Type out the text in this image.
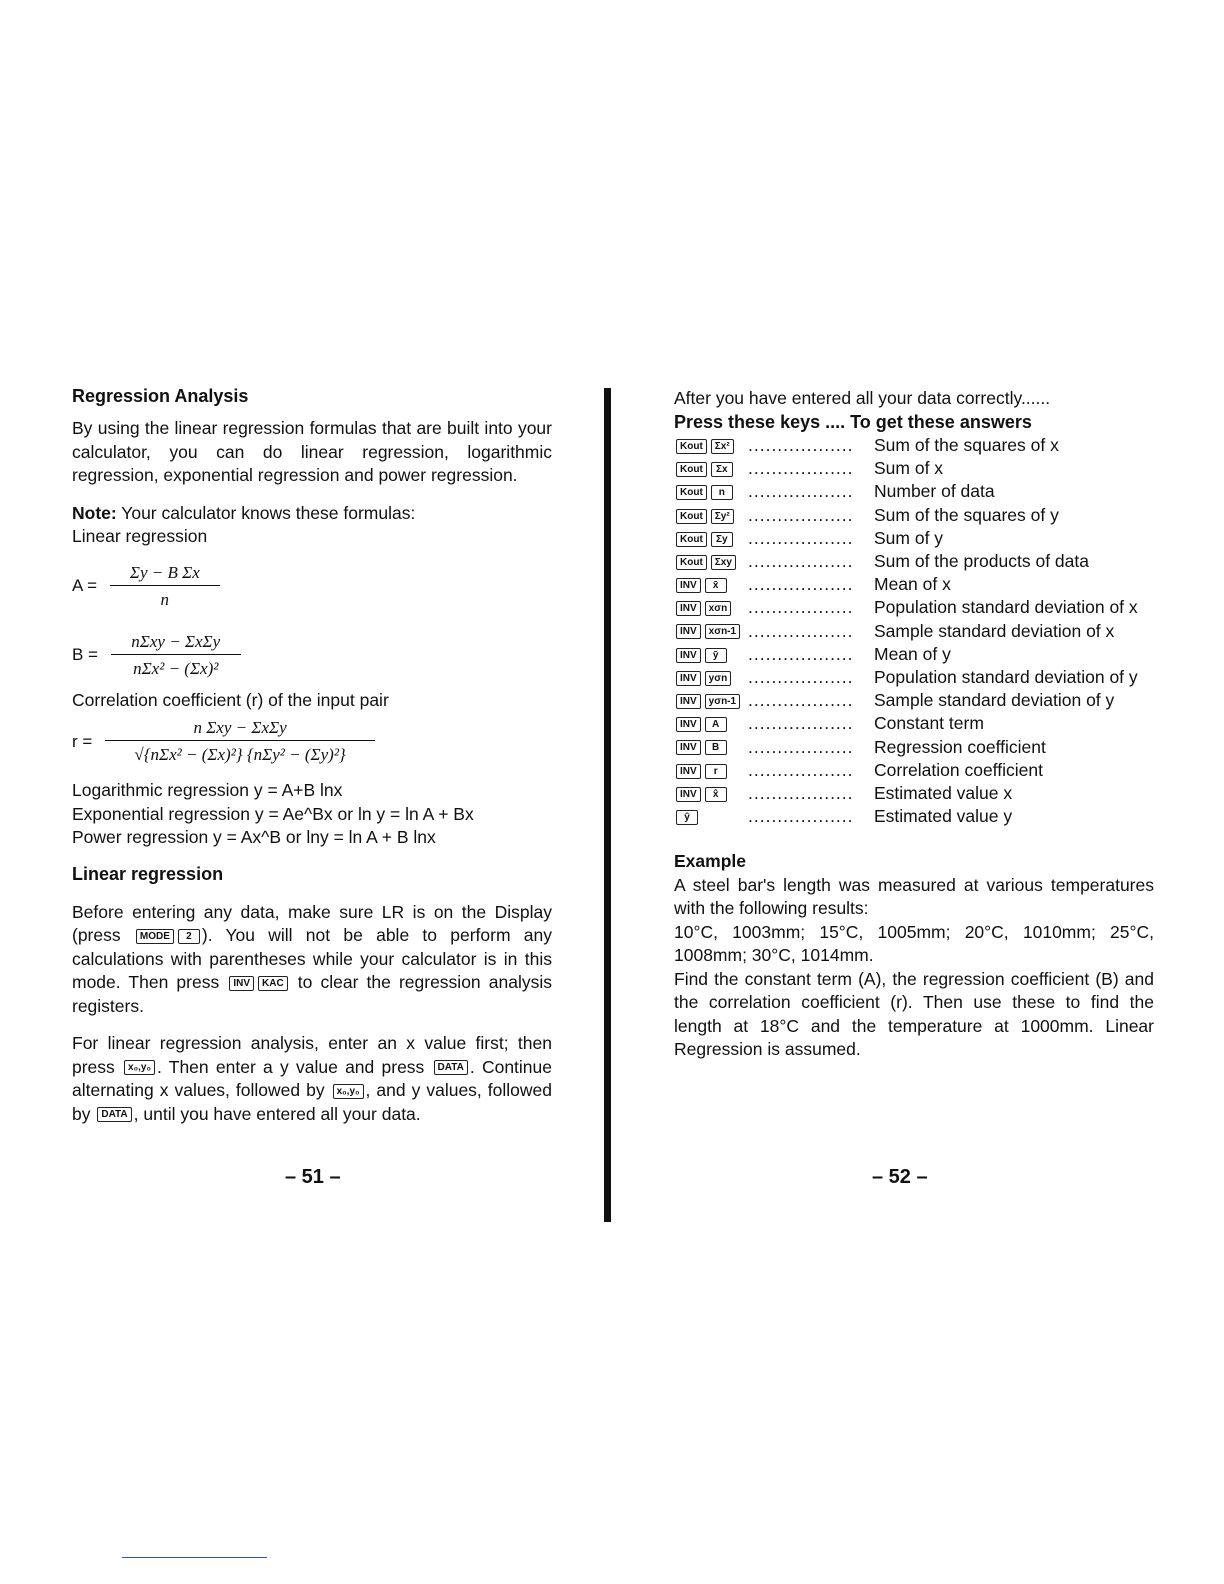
Regression Analysis

By using the linear regression formulas that are built into your calculator, you can do linear regression, logarithmic regression, exponential regression and power regression.

Note: Your calculator knows these formulas:
Linear regression
$A = \frac{\text{Σy − B Σx}}{n}$
$B = \frac{\text{nΣxy − ΣxΣy}}{\text{nΣx² − (Σx)²}}$
Correlation coefficient (r) of the input pair
$r = \frac{\text{n Σxy − ΣxΣy}}{\text{√\{nΣx² − (Σx)²\} \{nΣy² − (Σy)²\}}}$
Logarithmic regression y = A+B lnx
Exponential regression y = Ae^Bx or ln y = ln A + Bx
Power regression y = Ax^B or lny = ln A + B lnx
Linear regression

Before entering any data, make sure LR is on the Display (press MODE 2 ). You will not be able to perform any calculations with parentheses while your calculator is in this mode. Then press INV KAC to clear the regression analysis registers.

For linear regression analysis, enter an x value first; then press x₀,y₀ . Then enter a y value and press DATA . Continue alternating x values, followed by x₀,y₀ , and y values, followed by DATA , until you have entered all your data.

– 51 –
After you have entered all your data correctly......
Press these keys .... To get these answers
Kout Σx²	..................	Sum of the squares of x
Kout Σx	..................	Sum of x
Kout n	..................	Number of data
Kout Σy²	..................	Sum of the squares of y
Kout Σy	..................	Sum of y
Kout Σxy ..................	Sum of the products of data
INV x̄	..................	Mean of x
INV xσn	..................	Population standard deviation of x
INV xσn-1 ..................	Sample standard deviation of x
INV ȳ	..................	Mean of y
INV yσn	..................	Population standard deviation of y
INV yσn-1 ..................	Sample standard deviation of y
INV A	..................	Constant term
INV B	..................	Regression coefficient
INV r	..................	Correlation coefficient
INV x̂	..................	Estimated value x
ŷ	..................	Estimated value y
Example

A steel bar's length was measured at various temperatures with the following results:

10°C, 1003mm; 15°C, 1005mm; 20°C, 1010mm; 25°C, 1008mm; 30°C, 1014mm.

Find the constant term (A), the regression coefficient (B) and the correlation coefficient (r). Then use these to find the length at 18°C and the temperature at 1000mm. Linear Regression is assumed.

– 52 –
